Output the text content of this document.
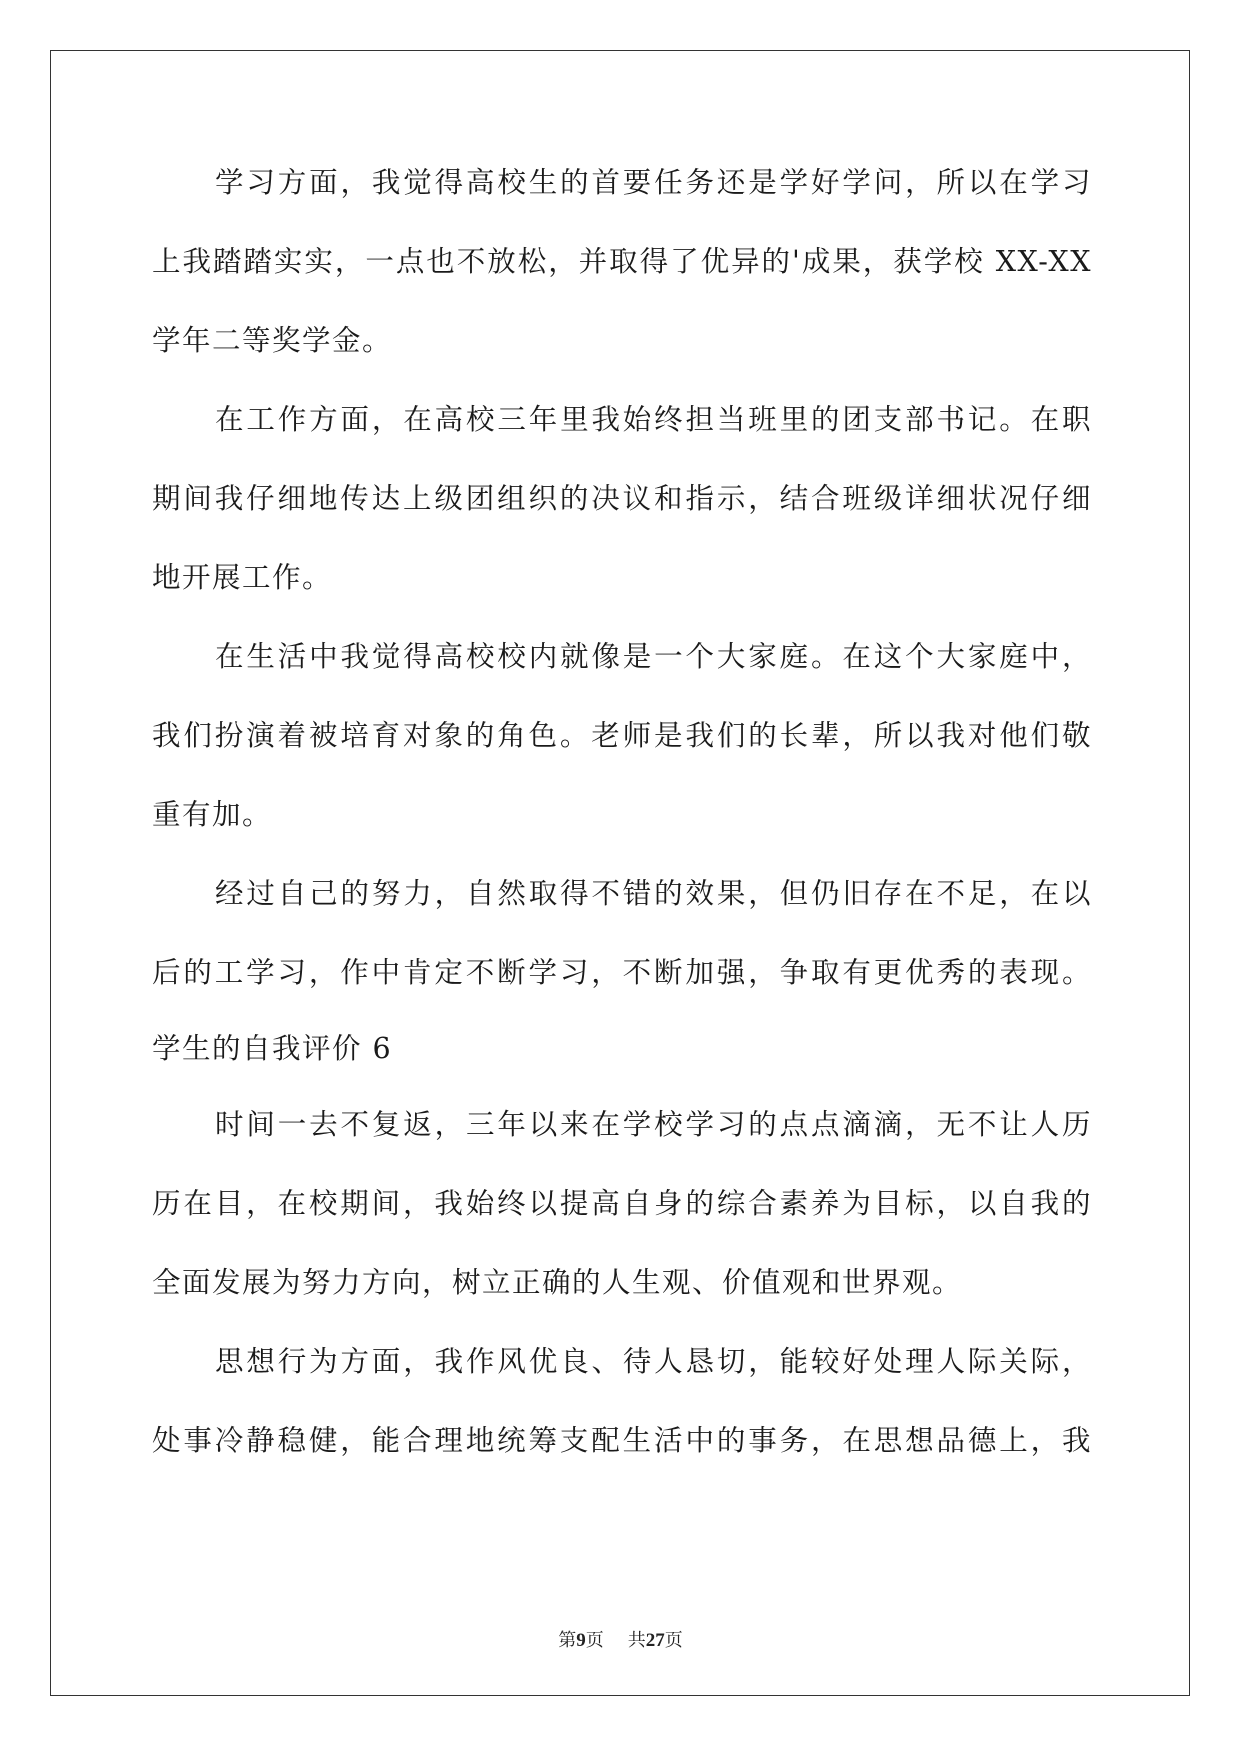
学习方面，我觉得高校生的首要任务还是学好学问，所以在学习
上我踏踏实实，一点也不放松，并取得了优异的'成果，获学校 XX-XX
学年二等奖学金。
在工作方面，在高校三年里我始终担当班里的团支部书记。在职
期间我仔细地传达上级团组织的决议和指示，结合班级详细状况仔细
地开展工作。
在生活中我觉得高校校内就像是一个大家庭。在这个大家庭中，
我们扮演着被培育对象的角色。老师是我们的长辈，所以我对他们敬
重有加。
经过自己的努力，自然取得不错的效果，但仍旧存在不足，在以
后的工学习，作中肯定不断学习，不断加强，争取有更优秀的表现。
学生的自我评价 6
时间一去不复返，三年以来在学校学习的点点滴滴，无不让人历
历在目，在校期间，我始终以提高自身的综合素养为目标，以自我的
全面发展为努力方向，树立正确的人生观、价值观和世界观。
思想行为方面，我作风优良、待人恳切，能较好处理人际关际，
处事冷静稳健，能合理地统筹支配生活中的事务，在思想品德上，我
第9页 共27页
